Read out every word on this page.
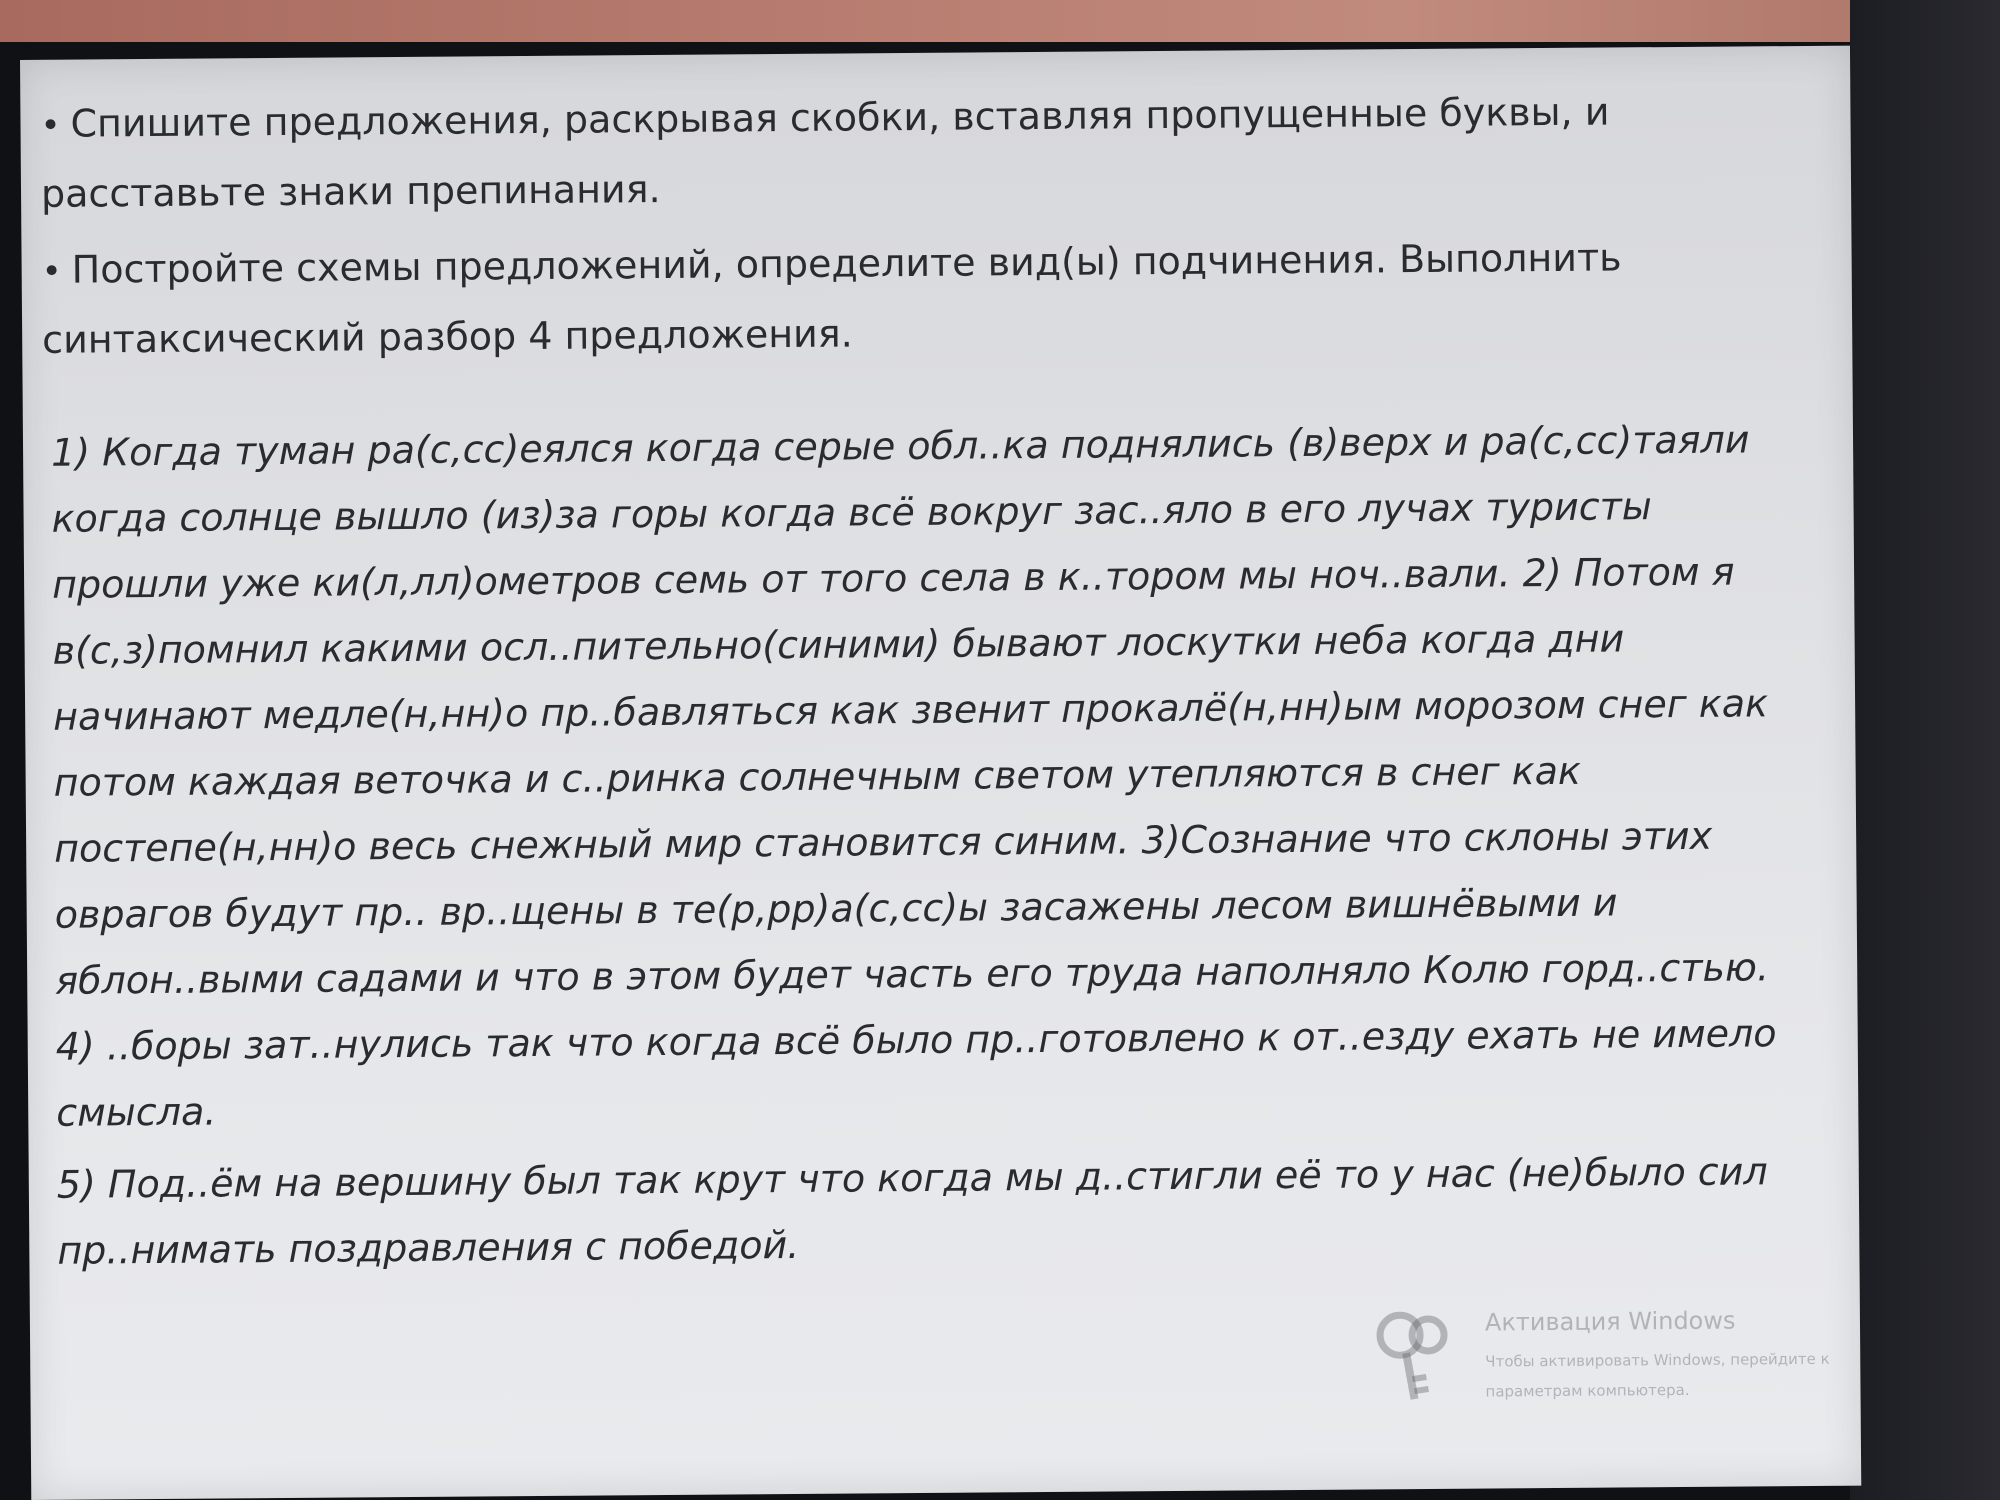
• Спишите предложения, раскрывая скобки, вставляя пропущенные буквы, и расставьте знаки препинания.

• Постройте схемы предложений, определите вид(ы) подчинения. Выполнить синтаксический разбор 4 предложения.

1) Когда туман ра(с,сс)еялся когда серые обл..ка поднялись (в)верх и ра(с,сс)таяли когда солнце вышло (из)за горы когда всё вокруг зас..яло в его лучах туристы прошли уже ки(л,лл)ометров семь от того села в к..тором мы ноч..вали. 2) Потом я в(с,з)помнил какими осл..пительно(синими) бывают лоскутки неба когда дни начинают медле(н,нн)о пр..бавляться как звенит прокалё(н,нн)ым морозом снег как потом каждая веточка и с..ринка солнечным светом утепляются в снег как постепе(н,нн)о весь снежный мир становится синим. 3)Сознание что склоны этих оврагов будут пр.. вр..щены в те(р,рр)а(с,сс)ы засажены лесом вишнёвыми и яблон..выми садами и что в этом будет часть его труда наполняло Колю горд..стью. 4) ..боры зат..нулись так что когда всё было пр..готовлено к от..езду ехать не имело смысла.

5) Под..ём на вершину был так крут что когда мы д..стигли её то у нас (не)было сил пр..нимать поздравления с победой.

Активация Windows
Чтобы активировать Windows, перейдите к параметрам компьютера.
